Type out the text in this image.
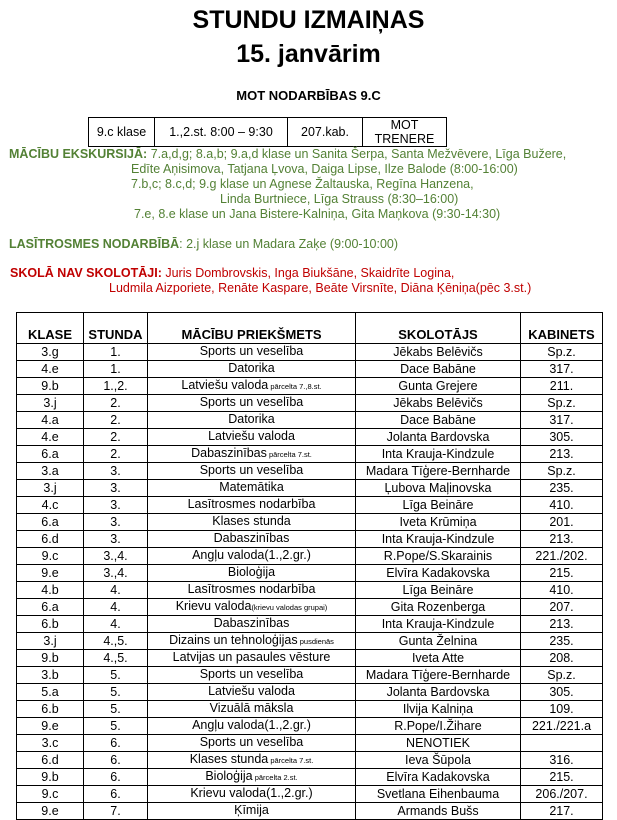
STUNDU IZMAIŅAS
15. janvārim
MOT NODARBĪBAS 9.C
9.c klase	1.,2.st. 8:00 – 9:30	207.kab.	MOT TRENERE
MĀCĪBU EKSKURSIJĀ: 7.a,d,g; 8.a,b; 9.a,d klase un Sanita Šerpa, Santa Mežvēvere, Līga Bužere,
Edīte Aņisimova, Tatjana Ļvova, Daiga Lipse, Ilze Balode (8:00-16:00)
7.b,c; 8.c,d; 9.g klase un Agnese Žaltauska, Regīna Hanzena,
Linda Burtniece, Līga Strauss (8:30–16:00)
7.e, 8.e klase un Jana Bistere-Kalniņa, Gita Maņkova (9:30-14:30)
LASĪTROSMES NODARBĪBĀ: 2.j klase un Madara Zaķe (9:00-10:00)
SKOLĀ NAV SKOLOTĀJI: Juris Dombrovskis, Inga Biukšāne, Skaidrīte Logina,
Ludmila Aizporiete, Renāte Kaspare, Beāte Virsnīte, Diāna Ķēniņa(pēc 3.st.)
KLASE	STUNDA	MĀCĪBU PRIEKŠMETS	SKOLOTĀJS	KABINETS
3.g	1.	Sports un veselība	Jēkabs Belēvičs	Sp.z.
4.e	1.	Datorika	Dace Babāne	317.
9.b	1.,2.	Latviešu valoda pārcelta 7.,8.st.	Gunta Grejere	211.
3.j	2.	Sports un veselība	Jēkabs Belēvičs	Sp.z.
4.a	2.	Datorika	Dace Babāne	317.
4.e	2.	Latviešu valoda	Jolanta Bardovska	305.
6.a	2.	Dabaszinības pārcelta 7.st.	Inta Krauja-Kindzule	213.
3.a	3.	Sports un veselība	Madara Tīģere-Bernharde	Sp.z.
3.j	3.	Matemātika	Ļubova Maļinovska	235.
4.c	3.	Lasītrosmes nodarbība	Līga Beināre	410.
6.a	3.	Klases stunda	Iveta Krūmiņa	201.
6.d	3.	Dabaszinības	Inta Krauja-Kindzule	213.
9.c	3.,4.	Angļu valoda(1.,2.gr.)	R.Pope/S.Skarainis	221./202.
9.e	3.,4.	Bioloģija	Elvīra Kadakovska	215.
4.b	4.	Lasītrosmes nodarbība	Līga Beināre	410.
6.a	4.	Krievu valoda(krievu valodas grupai)	Gita Rozenberga	207.
6.b	4.	Dabaszinības	Inta Krauja-Kindzule	213.
3.j	4.,5.	Dizains un tehnoloģijas pusdienās	Gunta Želnina	235.
9.b	4.,5.	Latvijas un pasaules vēsture	Iveta Atte	208.
3.b	5.	Sports un veselība	Madara Tīģere-Bernharde	Sp.z.
5.a	5.	Latviešu valoda	Jolanta Bardovska	305.
6.b	5.	Vizuālā māksla	Ilvija Kalniņa	109.
9.e	5.	Angļu valoda(1.,2.gr.)	R.Pope/I.Žihare	221./221.a
3.c	6.	Sports un veselība	NENOTIEK	
6.d	6.	Klases stunda pārcelta 7.st.	Ieva Šūpola	316.
9.b	6.	Bioloģija pārcelta 2.st.	Elvīra Kadakovska	215.
9.c	6.	Krievu valoda(1.,2.gr.)	Svetlana Eihenbauma	206./207.
9.e	7.	Ķīmija	Armands Bušs	217.
